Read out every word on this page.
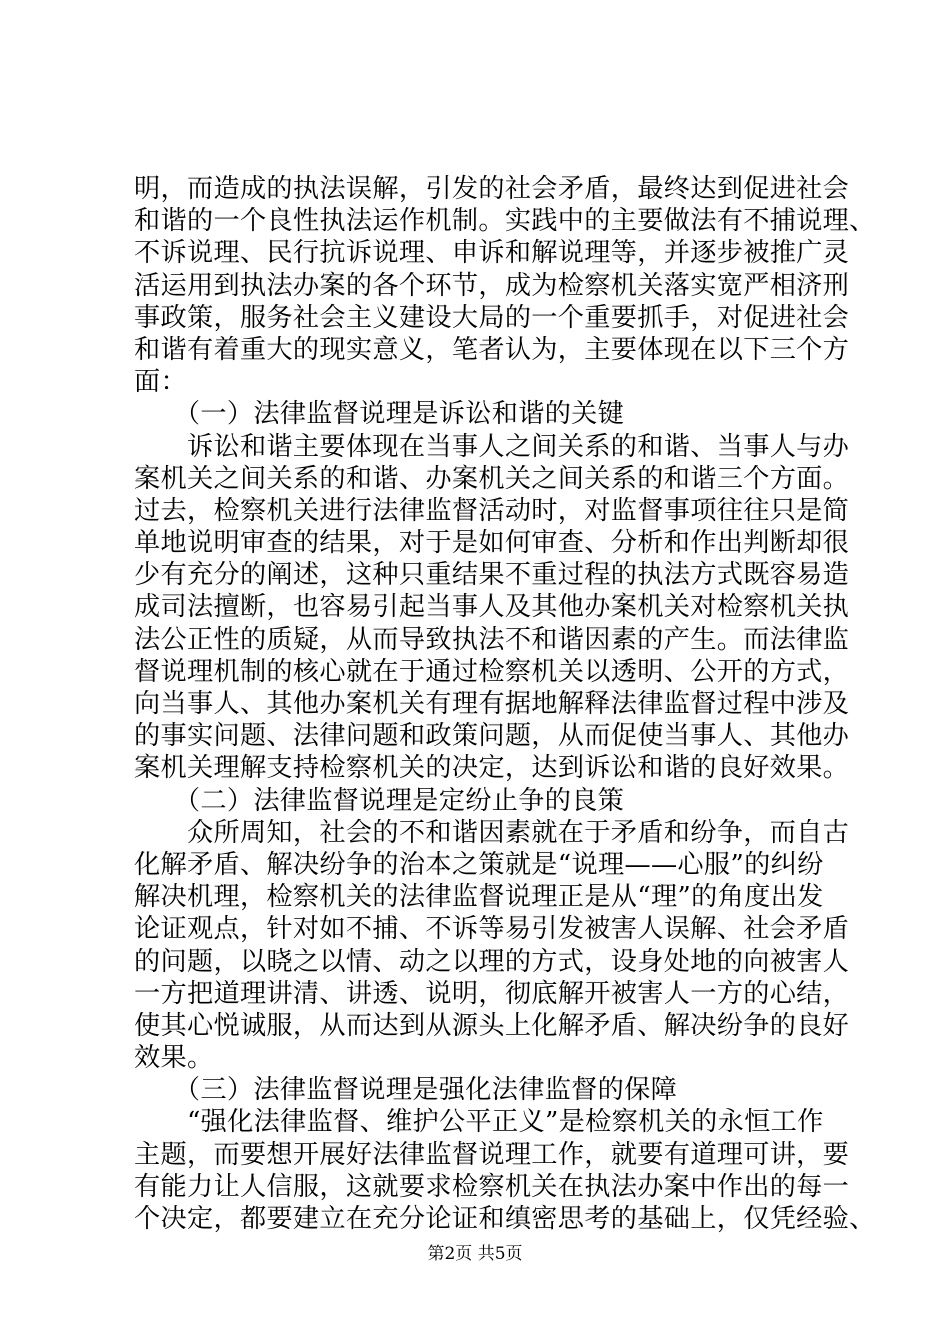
明，而造成的执法误解，引发的社会矛盾，最终达到促进社会
和谐的一个良性执法运作机制。实践中的主要做法有不捕说理、
不诉说理、民行抗诉说理、申诉和解说理等，并逐步被推广灵
活运用到执法办案的各个环节，成为检察机关落实宽严相济刑
事政策，服务社会主义建设大局的一个重要抓手，对促进社会
和谐有着重大的现实意义，笔者认为，主要体现在以下三个方
面：
　　（一）法律监督说理是诉讼和谐的关键
　　诉讼和谐主要体现在当事人之间关系的和谐、当事人与办
案机关之间关系的和谐、办案机关之间关系的和谐三个方面。
过去，检察机关进行法律监督活动时，对监督事项往往只是简
单地说明审查的结果，对于是如何审查、分析和作出判断却很
少有充分的阐述，这种只重结果不重过程的执法方式既容易造
成司法擅断，也容易引起当事人及其他办案机关对检察机关执
法公正性的质疑，从而导致执法不和谐因素的产生。而法律监
督说理机制的核心就在于通过检察机关以透明、公开的方式，
向当事人、其他办案机关有理有据地解释法律监督过程中涉及
的事实问题、法律问题和政策问题，从而促使当事人、其他办
案机关理解支持检察机关的决定，达到诉讼和谐的良好效果。
　　（二）法律监督说理是定纷止争的良策
　　众所周知，社会的不和谐因素就在于矛盾和纷争，而自古
化解矛盾、解决纷争的治本之策就是“说理——心服”的纠纷
解决机理，检察机关的法律监督说理正是从“理”的角度出发
论证观点，针对如不捕、不诉等易引发被害人误解、社会矛盾
的问题，以晓之以情、动之以理的方式，设身处地的向被害人
一方把道理讲清、讲透、说明，彻底解开被害人一方的心结，
使其心悦诚服，从而达到从源头上化解矛盾、解决纷争的良好
效果。
　　（三）法律监督说理是强化法律监督的保障
　　“强化法律监督、维护公平正义”是检察机关的永恒工作
主题，而要想开展好法律监督说理工作，就要有道理可讲，要
有能力让人信服，这就要求检察机关在执法办案中作出的每一
个决定，都要建立在充分论证和缜密思考的基础上，仅凭经验、
第2页 共5页
